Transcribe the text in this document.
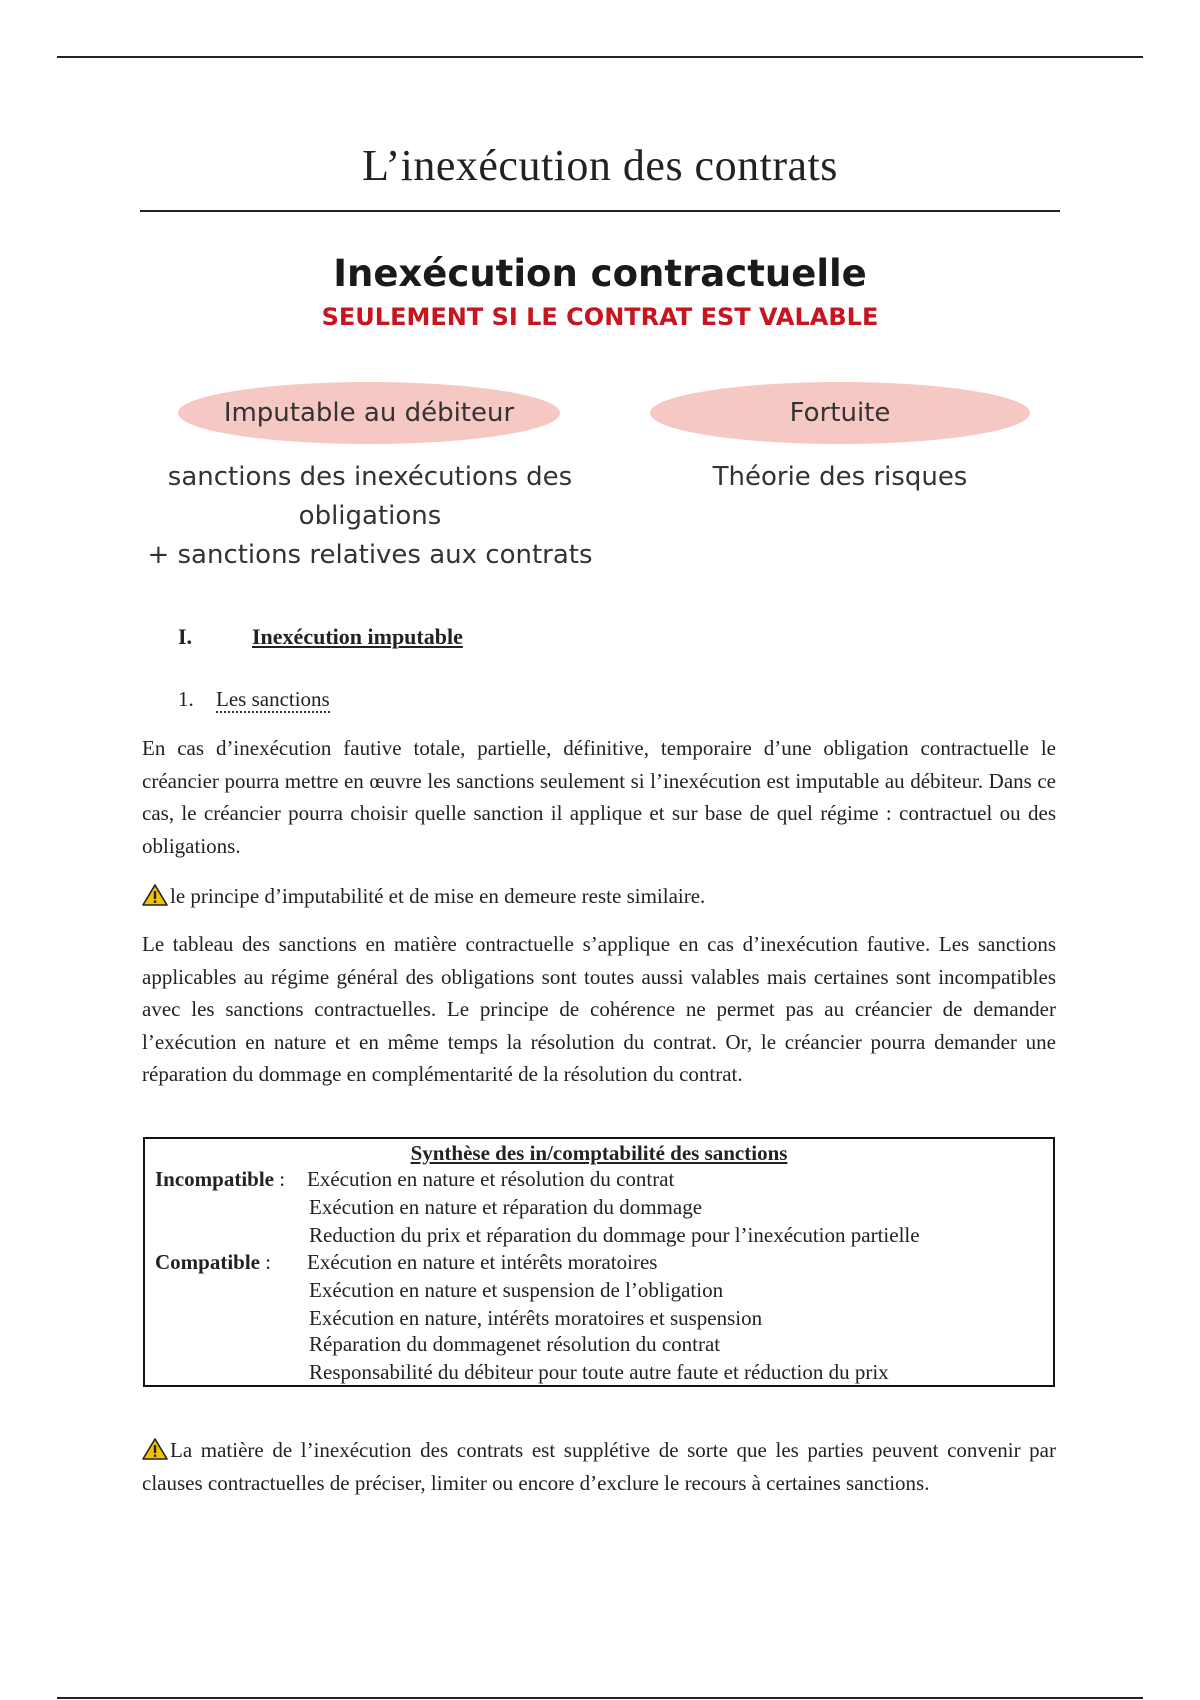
L’inexécution des contrats
Inexécution contractuelle
SEULEMENT SI LE CONTRAT EST VALABLE
Imputable au débiteur	Fortuite
sanctions des inexécutions des
obligations
+ sanctions relatives aux contrats
Théorie des risques
I.	Inexécution imputable
1. Les sanctions
En cas d’inexécution fautive totale, partielle, définitive, temporaire d’une obligation contractuelle le créancier pourra mettre en œuvre les sanctions seulement si l’inexécution est imputable au débiteur. Dans ce cas, le créancier pourra choisir quelle sanction il applique et sur base de quel régime : contractuel ou des obligations.
le principe d’imputabilité et de mise en demeure reste similaire.
Le tableau des sanctions en matière contractuelle s’applique en cas d’inexécution fautive. Les sanctions applicables au régime général des obligations sont toutes aussi valables mais certaines sont incompatibles avec les sanctions contractuelles. Le principe de cohérence ne permet pas au créancier de demander l’exécution en nature et en même temps la résolution du contrat. Or, le créancier pourra demander une réparation du dommage en complémentarité de la résolution du contrat.
Synthèse des in/comptabilité des sanctions
Incompatible : Exécution en nature et résolution du contrat
Exécution en nature et réparation du dommage
Reduction du prix et réparation du dommage pour l’inexécution partielle
Compatible : Exécution en nature et intérêts moratoires
Exécution en nature et suspension de l’obligation
Exécution en nature, intérêts moratoires et suspension
Réparation du dommagenet résolution du contrat
Responsabilité du débiteur pour toute autre faute et réduction du prix
La matière de l’inexécution des contrats est supplétive de sorte que les parties peuvent convenir par clauses contractuelles de préciser, limiter ou encore d’exclure le recours à certaines sanctions.
